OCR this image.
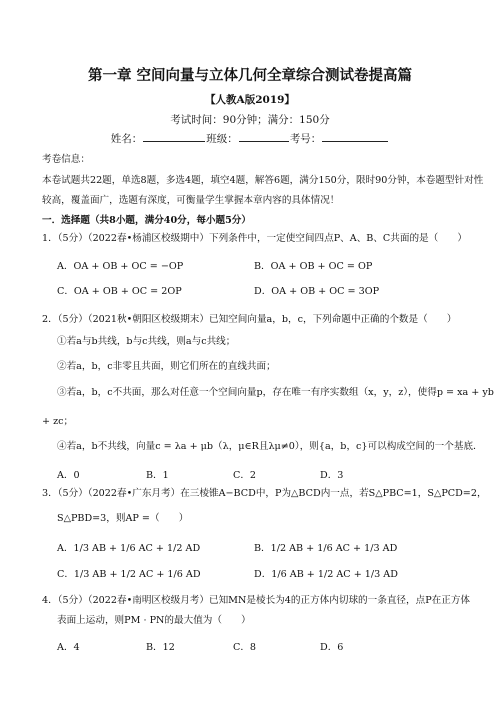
第一章 空间向量与立体几何全章综合测试卷提高篇
【人教A版2019】
考试时间：90分钟；满分：150分
姓名：	班级：	考号：
考卷信息：
本卷试题共22题，单选8题，多选4题，填空4题，解答6题，满分150分，限时90分钟，本卷题型针对性
较高，覆盖面广，选题有深度，可衡量学生掌握本章内容的具体情况！
一．选择题（共8小题，满分40分，每小题5分）
1．（5分）（2022春•杨浦区校级期中）下列条件中，一定使空间四点P、A、B、C共面的是（　　）
A．OA + OB + OC = −OP	B．OA + OB + OC = OP
C．OA + OB + OC = 2OP	D．OA + OB + OC = 3OP
2．（5分）（2021秋•朝阳区校级期末）已知空间向量a，b，c，下列命题中正确的个数是（　　）
①若a与b共线，b与c共线，则a与c共线；
②若a，b，c非零且共面，则它们所在的直线共面；
③若a，b，c不共面，那么对任意一个空间向量p，存在唯一有序实数组（x，y，z），使得p = xa + yb
+ zc；
④若a，b不共线，向量c = λa + μb（λ，μ∈R且λμ≠0），则{a，b，c}可以构成空间的一个基底．
A．0	B．1	C．2	D．3
3．（5分）（2022春•广东月考）在三棱锥A−BCD中，P为△BCD内一点，若S△PBC=1，S△PCD=2，
S△PBD=3，则AP =（　　）
A．1/3 AB + 1/6 AC + 1/2 AD	B．1/2 AB + 1/6 AC + 1/3 AD
C．1/3 AB + 1/2 AC + 1/6 AD	D．1/6 AB + 1/2 AC + 1/3 AD
4．（5分）（2022春•南明区校级月考）已知MN是棱长为4的正方体内切球的一条直径，点P在正方体
表面上运动，则PM · PN的最大值为（　　）
A．4	B．12	C．8	D．6
